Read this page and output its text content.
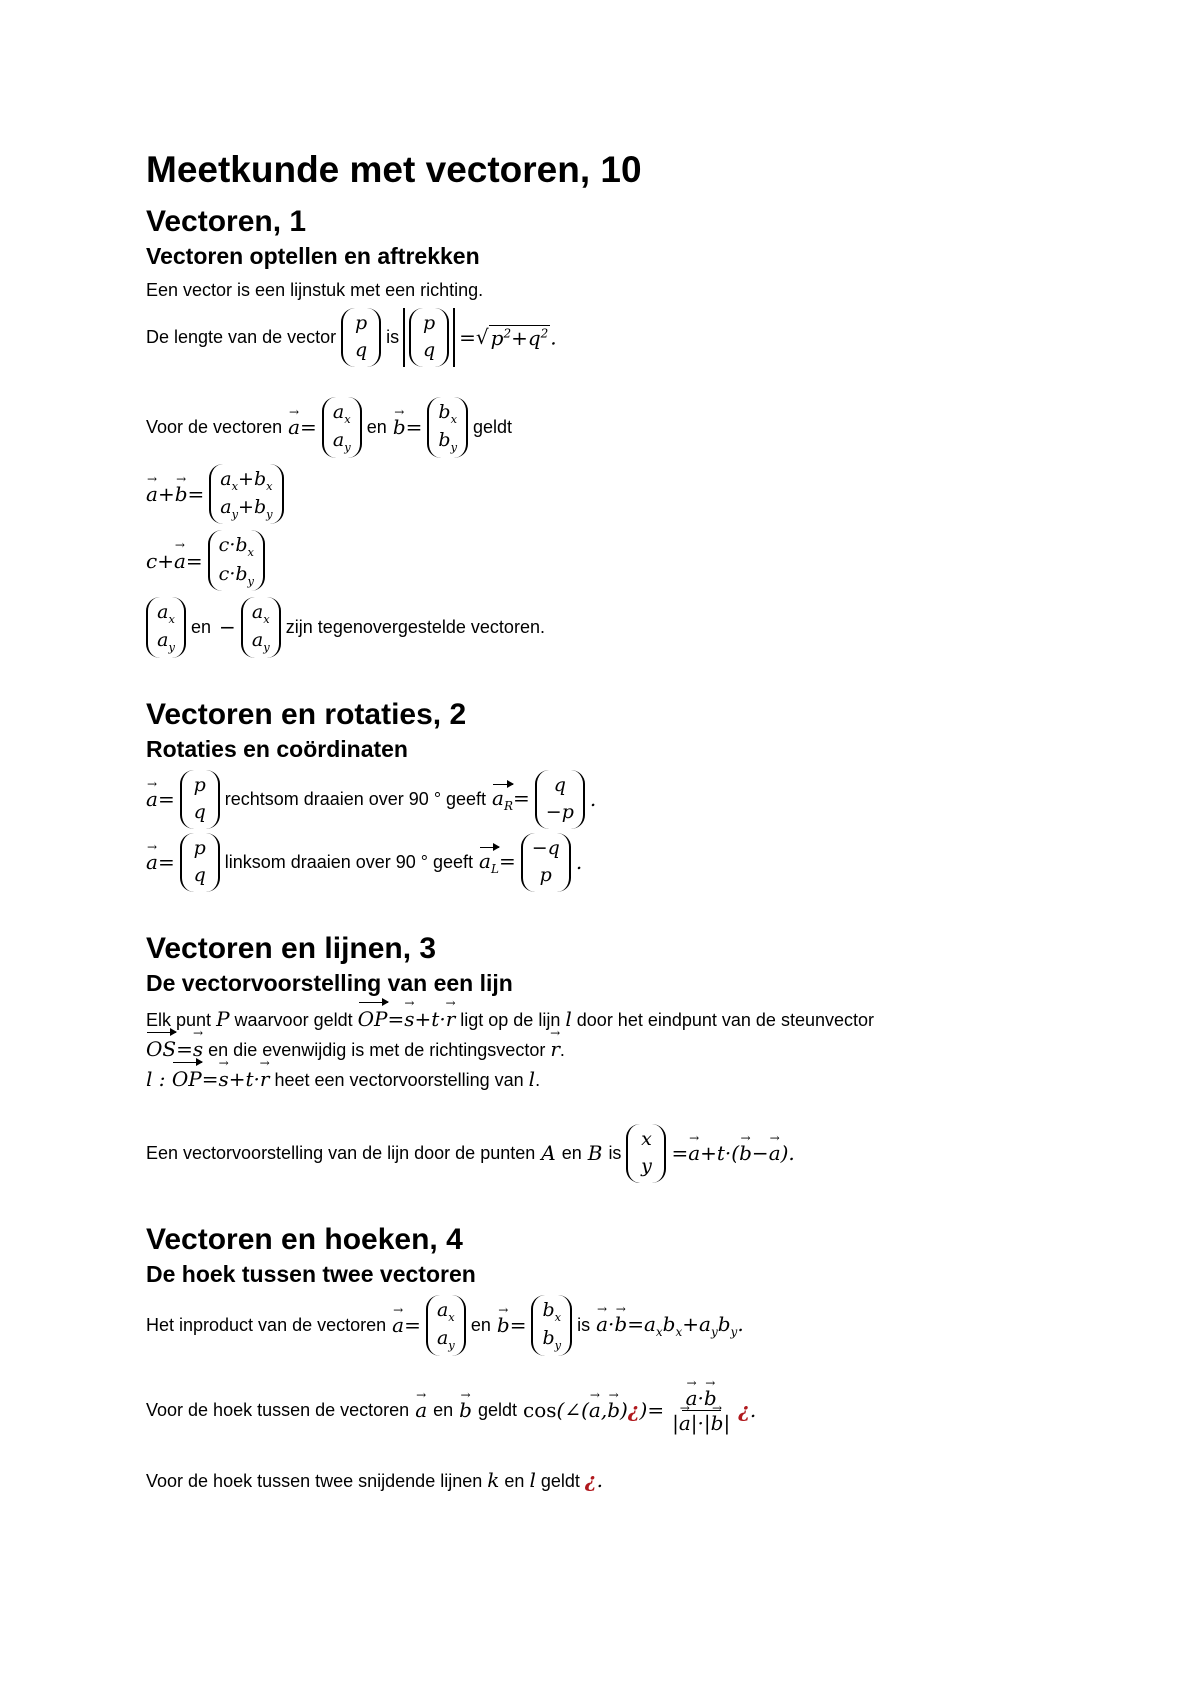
Meetkunde met vectoren, 10
Vectoren, 1
Vectoren optellen en aftrekken

Een vector is een lijnstuk met een richting.

De lengte van de vector
p
q
is
p
q
= √ $p^2+q^2$ .
Voor de vectoren → a=
$a_x$
$a_y$
en → b=
$b_x$
$b_y$
geldt
→ a+→ b=
$a_x+b_x$
$a_y+b_y$
c+→ a=
$c\cdot b_x$
$c\cdot b_y$
$a_x$
$a_y$
en −
$a_x$
$a_y$
zijn tegenovergestelde vectoren.
Vectoren en rotaties, 2
Rotaties en coördinaten
→ a=
p
q
rechtsom draaien over 90 ° geeft $a_R=$
q
−p
.
→ a=
p
q
linksom draaien over 90 ° geeft $a_L=$
−q
p
.
Vectoren en lijnen, 3
De vectorvoorstelling van een lijn

Elk punt P waarvoor geldt OP=→ s+t·→ r ligt op de lijn l door het eindpunt van de steunvector

OS=→ s en die evenwijdig is met de richtingsvector → r.

l : OP=→ s+t·→ r heet een vectorvoorstelling van l.

Een vectorvoorstelling van de lijn door de punten A en B is
x
y
=→ a+t·(→ b−→ a).
Vectoren en hoeken, 4
De hoek tussen twee vectoren
Het inproduct van de vectoren → a=
$a_x$
$a_y$
en → b=
$b_x$
$b_y$
is → $a\cdot\to b=a_xb_x+a_yb_y$.
Voor de hoek tussen de vectoren → a en → b geldt cos(∠(→ a,→ b)¿)= → $\frac{a\cdot\to b}{|\to a|\cdot|\to b|}$ ¿.

Voor de hoek tussen twee snijdende lijnen k en l geldt ¿.
